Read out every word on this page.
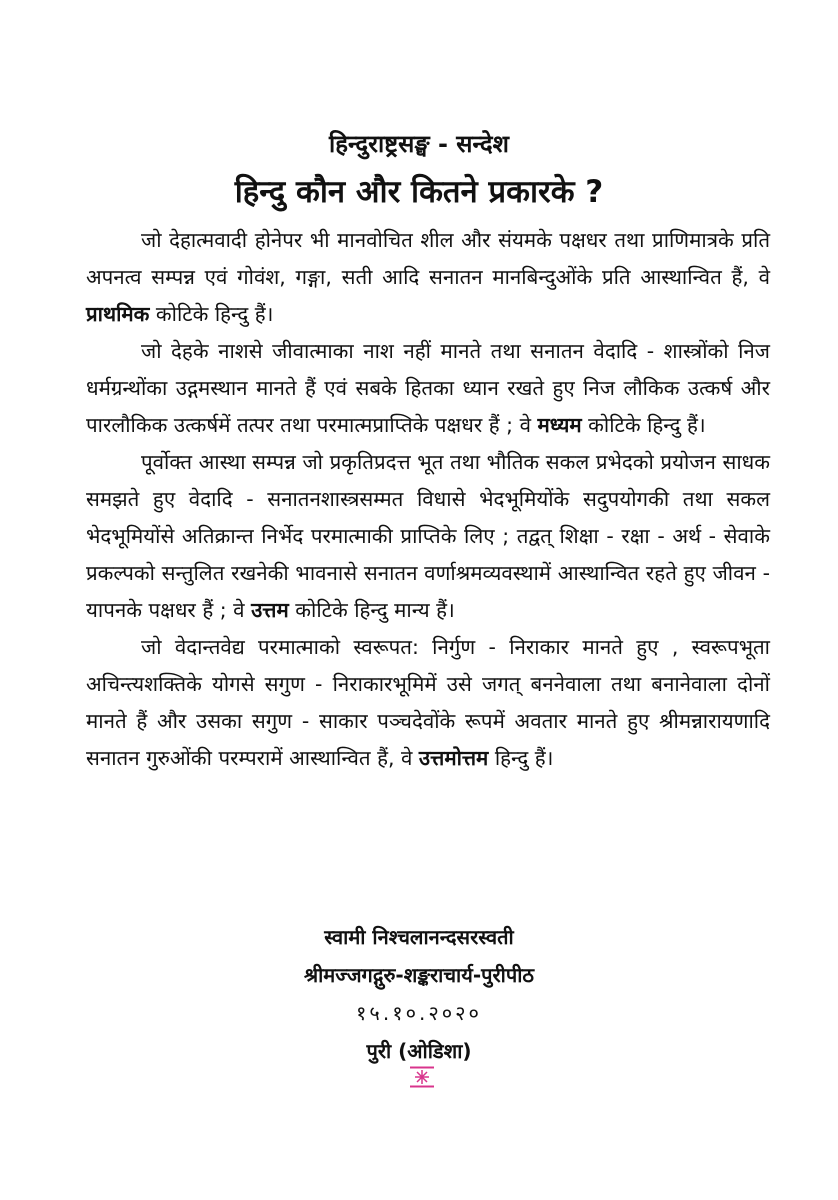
हिन्दुराष्ट्रसङ्घ - सन्देश
हिन्दु कौन और कितने प्रकारके ?

जो देहात्मवादी होनेपर भी मानवोचित शील और संयमके पक्षधर तथा प्राणिमात्रके प्रति अपनत्व सम्पन्न एवं गोवंश, गङ्गा, सती आदि सनातन मानबिन्दुओंके प्रति आस्थान्वित हैं, वे प्राथमिक कोटिके हिन्दु हैं।

जो देहके नाशसे जीवात्माका नाश नहीं मानते तथा सनातन वेदादि - शास्त्रोंको निज धर्मग्रन्थोंका उद्गमस्थान मानते हैं एवं सबके हितका ध्यान रखते हुए निज लौकिक उत्कर्ष और पारलौकिक उत्कर्षमें तत्पर तथा परमात्मप्राप्तिके पक्षधर हैं ; वे मध्यम कोटिके हिन्दु हैं।

पूर्वोक्त आस्था सम्पन्न जो प्रकृतिप्रदत्त भूत तथा भौतिक सकल प्रभेदको प्रयोजन साधक समझते हुए वेदादि - सनातनशास्त्रसम्मत विधासे भेदभूमियोंके सदुपयोगकी तथा सकल भेदभूमियोंसे अतिक्रान्त निर्भेद परमात्माकी प्राप्तिके लिए ; तद्वत् शिक्षा - रक्षा - अर्थ - सेवाके प्रकल्पको सन्तुलित रखनेकी भावनासे सनातन वर्णाश्रमव्यवस्थामें आस्थान्वित रहते हुए जीवन - यापनके पक्षधर हैं ; वे उत्तम कोटिके हिन्दु मान्य हैं।

जो वेदान्तवेद्य परमात्माको स्वरूपत: निर्गुण - निराकार मानते हुए , स्वरूपभूता अचिन्त्यशक्तिके योगसे सगुण - निराकारभूमिमें उसे जगत् बननेवाला तथा बनानेवाला दोनों मानते हैं और उसका सगुण - साकार पञ्चदेवोंके रूपमें अवतार मानते हुए श्रीमन्नारायणादि सनातन गुरुओंकी परम्परामें आस्थान्वित हैं, वे उत्तमोत्तम हिन्दु हैं।

स्वामी निश्चलानन्दसरस्वती
श्रीमज्जगद्गुरु-शङ्कराचार्य-पुरीपीठ
१५.१०.२०२०
पुरी (ओडिशा)
